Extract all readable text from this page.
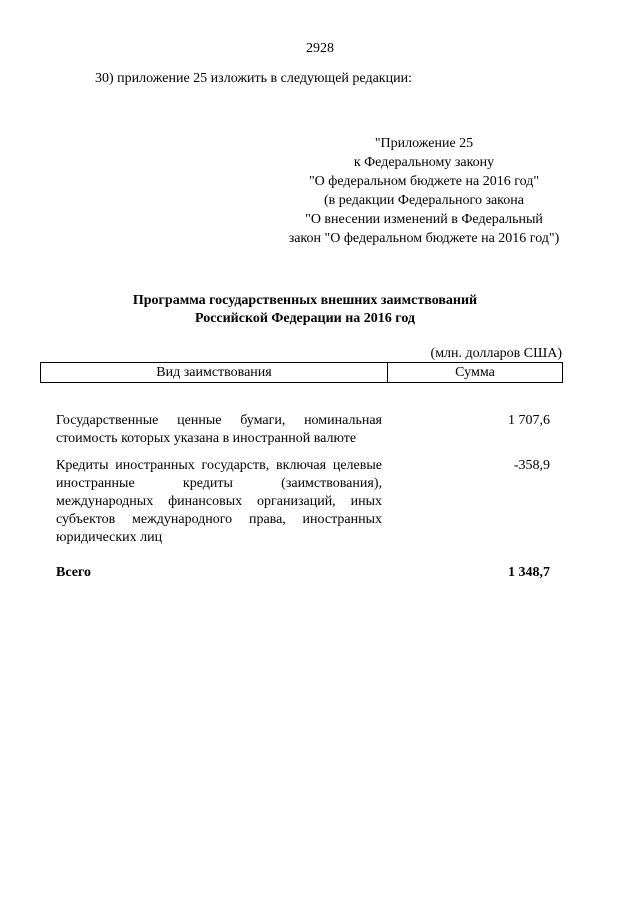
2928
30) приложение 25 изложить в следующей редакции:
"Приложение 25
к Федеральному закону
"О федеральном бюджете на 2016 год"
(в редакции Федерального закона
"О внесении изменений в Федеральный
закон "О федеральном бюджете на 2016 год")
Программа государственных внешних заимствований
Российской Федерации на 2016 год
(млн. долларов США)
Вид заимствования	Сумма
Государственные ценные бумаги, номинальная стоимость которых указана в иностранной валюте
1 707,6
Кредиты иностранных государств, включая целевые иностранные кредиты (заимствования), международных финансовых организаций, иных субъектов международного права, иностранных юридических лиц
-358,9
Всего	1 348,7
